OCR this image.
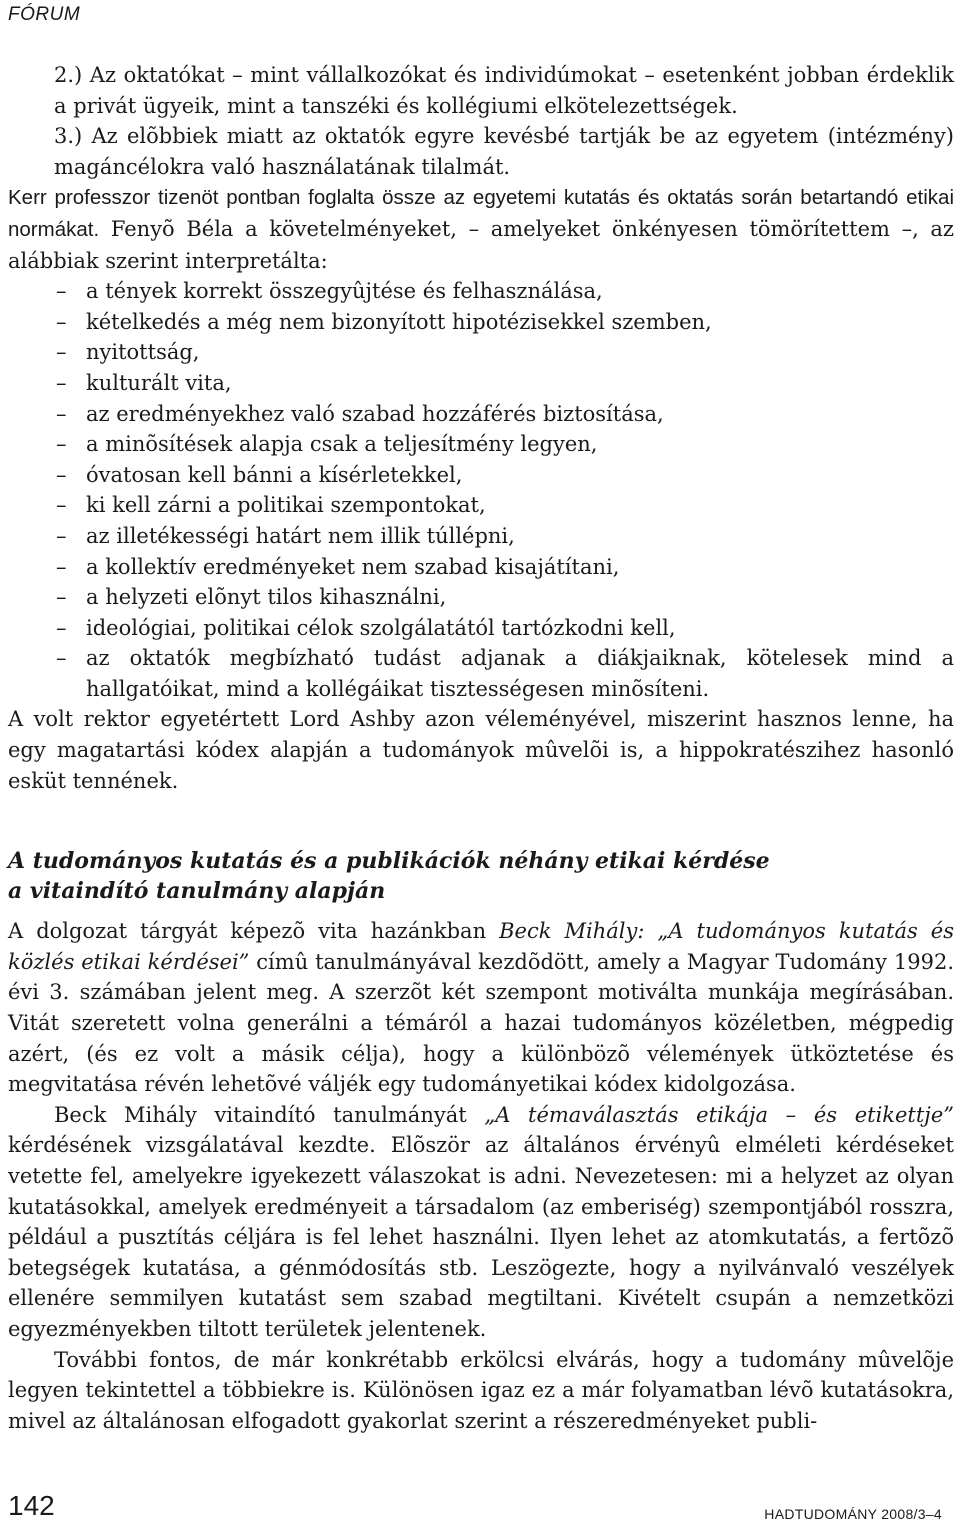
FÓRUM

2.) Az oktatókat – mint vállalkozókat és individúmokat – esetenként jobban érdeklik a privát ügyeik, mint a tanszéki és kollégiumi elkötelezettségek.

3.) Az elõbbiek miatt az oktatók egyre kevésbé tartják be az egyetem (intézmény) magáncélokra való használatának tilalmát.

Kerr professzor tizenöt pontban foglalta össze az egyetemi kutatás és oktatás során betartandó etikai normákat. Fenyõ Béla a követelményeket, – amelyeket önkényesen tömörítettem –, az alábbiak szerint interpretálta:

– a tények korrekt összegyûjtése és felhasználása,
– kételkedés a még nem bizonyított hipotézisekkel szemben,
– nyitottság,
– kulturált vita,
– az eredményekhez való szabad hozzáférés biztosítása,
– a minõsítések alapja csak a teljesítmény legyen,
– óvatosan kell bánni a kísérletekkel,
– ki kell zárni a politikai szempontokat,
– az illetékességi határt nem illik túllépni,
– a kollektív eredményeket nem szabad kisajátítani,
– a helyzeti elõnyt tilos kihasználni,
– ideológiai, politikai célok szolgálatától tartózkodni kell,
– az oktatók megbízható tudást adjanak a diákjaiknak, kötelesek mind a hallgatóikat, mind a kollégáikat tisztességesen minõsíteni.

A volt rektor egyetértett Lord Ashby azon véleményével, miszerint hasznos lenne, ha egy magatartási kódex alapján a tudományok mûvelõi is, a hippokratészihez hasonló esküt tennének.

A tudományos kutatás és a publikációk néhány etikai kérdése
a vitaindító tanulmány alapján

A dolgozat tárgyát képezõ vita hazánkban Beck Mihály: „A tudományos kutatás és közlés etikai kérdései” címû tanulmányával kezdõdött, amely a Magyar Tudomány 1992. évi 3. számában jelent meg. A szerzõt két szempont motiválta munkája megírásában. Vitát szeretett volna generálni a témáról a hazai tudományos közéletben, mégpedig azért, (és ez volt a másik célja), hogy a különbözõ vélemények ütköztetése és megvitatása révén lehetõvé váljék egy tudományetikai kódex kidolgozása.

Beck Mihály vitaindító tanulmányát „A témaválasztás etikája – és etikettje” kérdésének vizsgálatával kezdte. Elõször az általános érvényû elméleti kérdéseket vetette fel, amelyekre igyekezett válaszokat is adni. Nevezetesen: mi a helyzet az olyan kutatásokkal, amelyek eredményeit a társadalom (az emberiség) szempontjából rosszra, például a pusztítás céljára is fel lehet használni. Ilyen lehet az atomkutatás, a fertõzõ betegségek kutatása, a génmódosítás stb. Leszögezte, hogy a nyilvánvaló veszélyek ellenére semmilyen kutatást sem szabad megtiltani. Kivételt csupán a nemzetközi egyezményekben tiltott területek jelentenek.

További fontos, de már konkrétabb erkölcsi elvárás, hogy a tudomány mûvelõje legyen tekintettel a többiekre is. Különösen igaz ez a már folyamatban lévõ kutatásokra, mivel az általánosan elfogadott gyakorlat szerint a részeredményeket publi-

142	HADTUDOMÁNY 2008/3–4
